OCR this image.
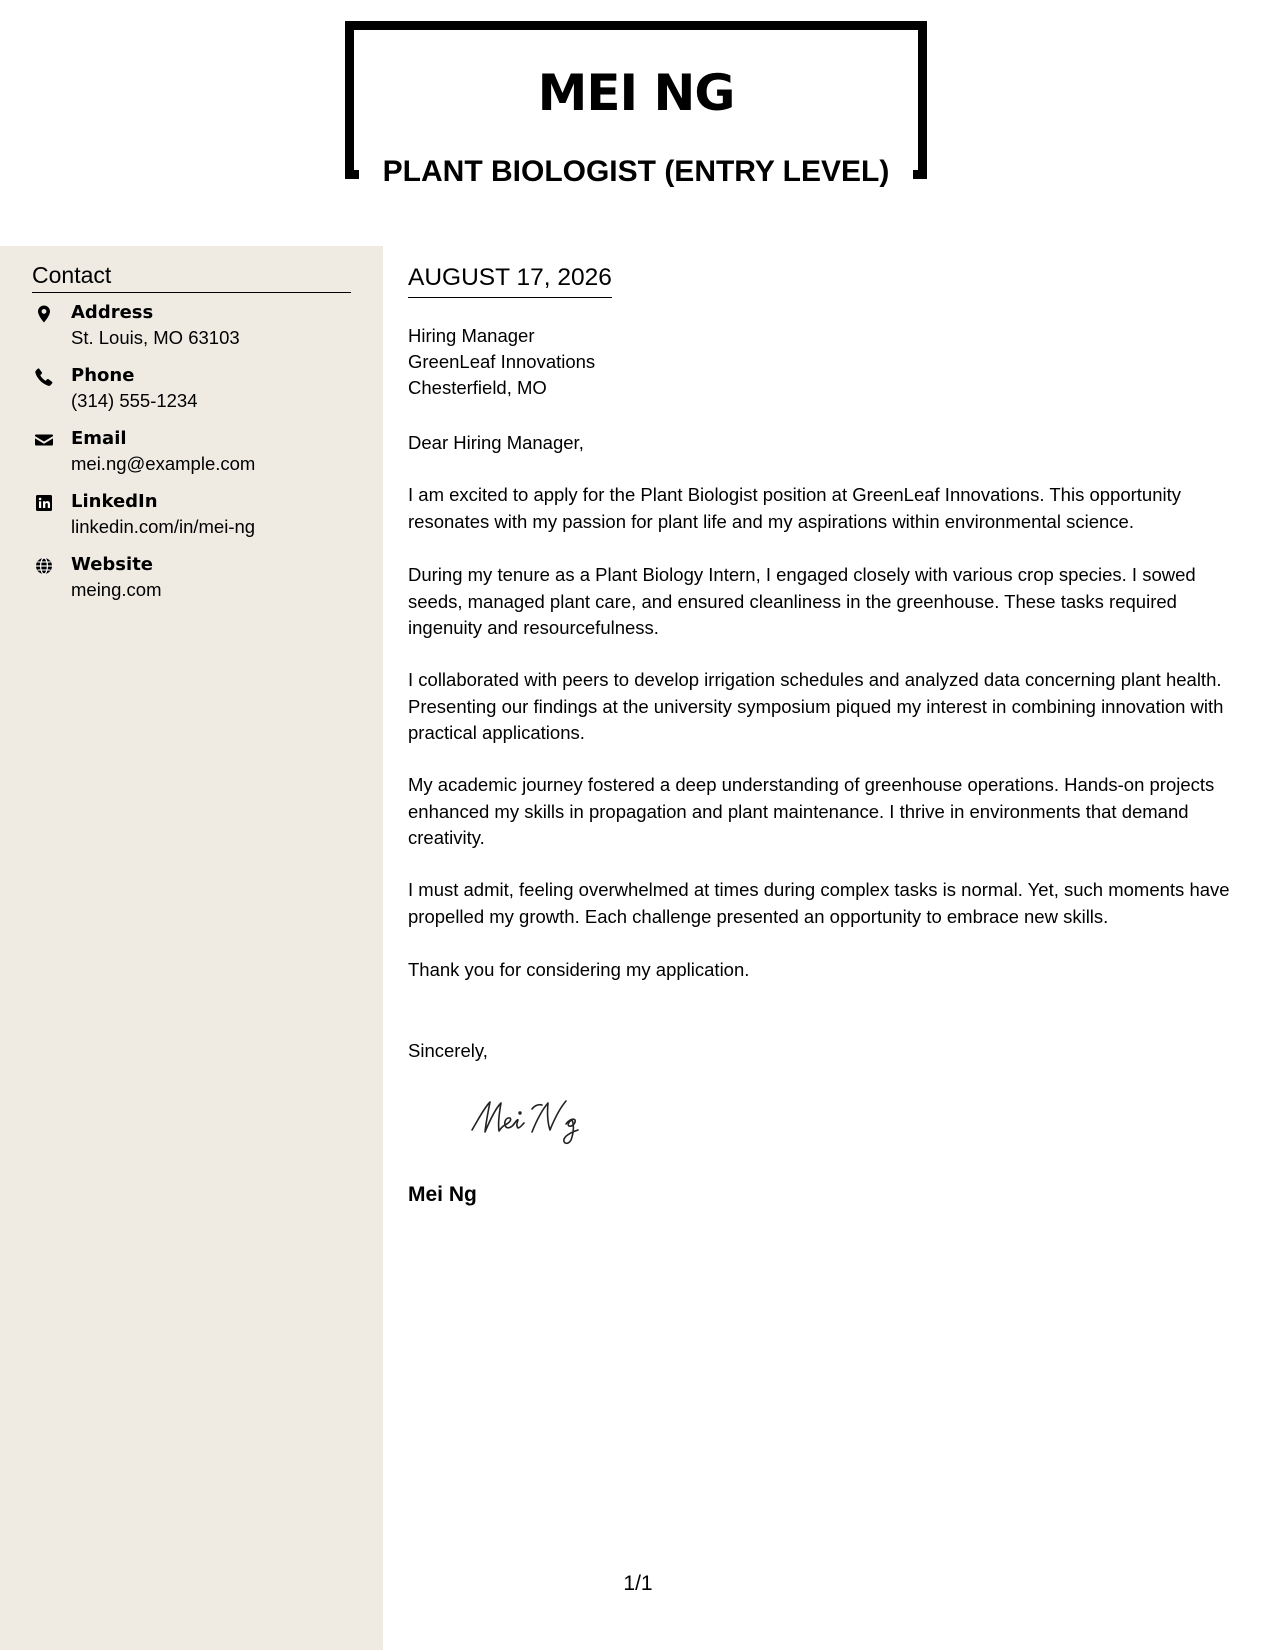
MEI NG
PLANT BIOLOGIST (ENTRY LEVEL)
Contact
Address
St. Louis, MO 63103
Phone
(314) 555-1234
Email
mei.ng@example.com
LinkedIn
linkedin.com/in/mei-ng
Website
meing.com
AUGUST 17, 2026
Hiring Manager
GreenLeaf Innovations
Chesterfield, MO
Dear Hiring Manager,

I am excited to apply for the Plant Biologist position at GreenLeaf Innovations. This opportunity resonates with my passion for plant life and my aspirations within environmental science.

During my tenure as a Plant Biology Intern, I engaged closely with various crop species. I sowed seeds, managed plant care, and ensured cleanliness in the greenhouse. These tasks required ingenuity and resourcefulness.

I collaborated with peers to develop irrigation schedules and analyzed data concerning plant health. Presenting our findings at the university symposium piqued my interest in combining innovation with practical applications.

My academic journey fostered a deep understanding of greenhouse operations. Hands-on projects enhanced my skills in propagation and plant maintenance. I thrive in environments that demand creativity.

I must admit, feeling overwhelmed at times during complex tasks is normal. Yet, such moments have propelled my growth. Each challenge presented an opportunity to embrace new skills.

Thank you for considering my application.

Sincerely,
Mei Ng
1/1
